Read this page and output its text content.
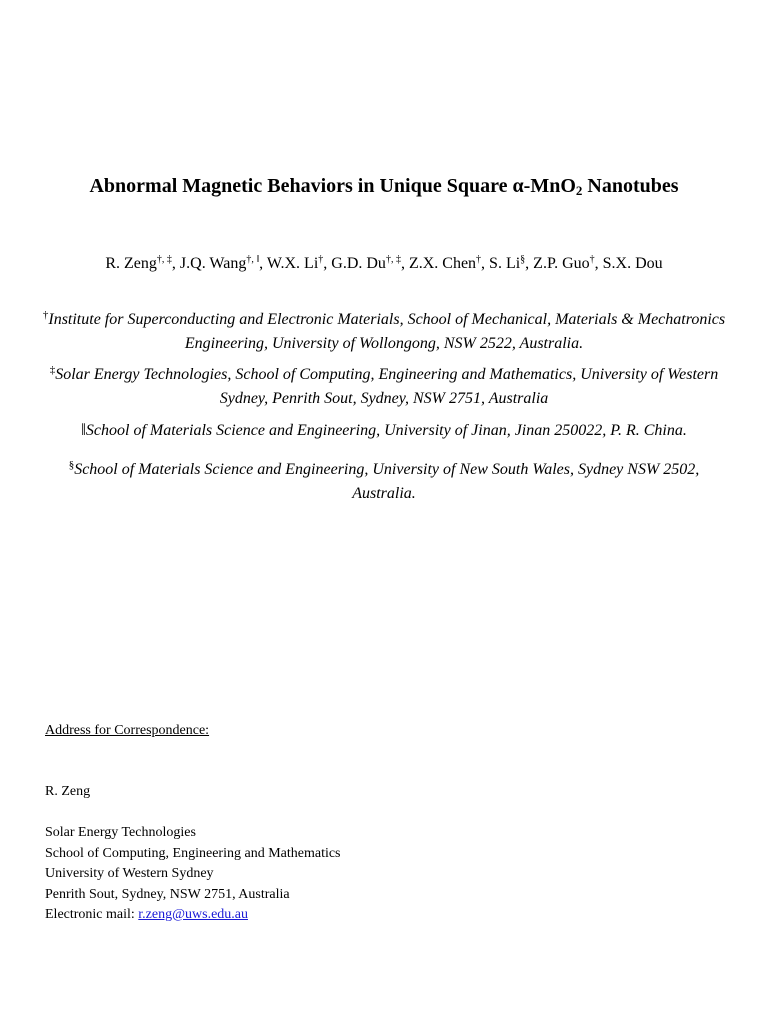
Abnormal Magnetic Behaviors in Unique Square α-MnO$_2$ Nanotubes
R. Zeng†, ‡, J.Q. Wang†, ‖, W.X. Li†, G.D. Du†, ‡, Z.X. Chen†, S. Li§, Z.P. Guo†, S.X. Dou
†Institute for Superconducting and Electronic Materials, School of Mechanical, Materials & Mechatronics Engineering, University of Wollongong, NSW 2522, Australia.
‡Solar Energy Technologies, School of Computing, Engineering and Mathematics, University of Western Sydney, Penrith Sout, Sydney, NSW 2751, Australia
‖School of Materials Science and Engineering, University of Jinan, Jinan 250022, P. R. China.
§School of Materials Science and Engineering, University of New South Wales, Sydney NSW 2502, Australia.
Address for Correspondence:
R. Zeng
Solar Energy Technologies
School of Computing, Engineering and Mathematics
University of Western Sydney
Penrith Sout, Sydney, NSW 2751, Australia
Electronic mail: r.zeng@uws.edu.au
